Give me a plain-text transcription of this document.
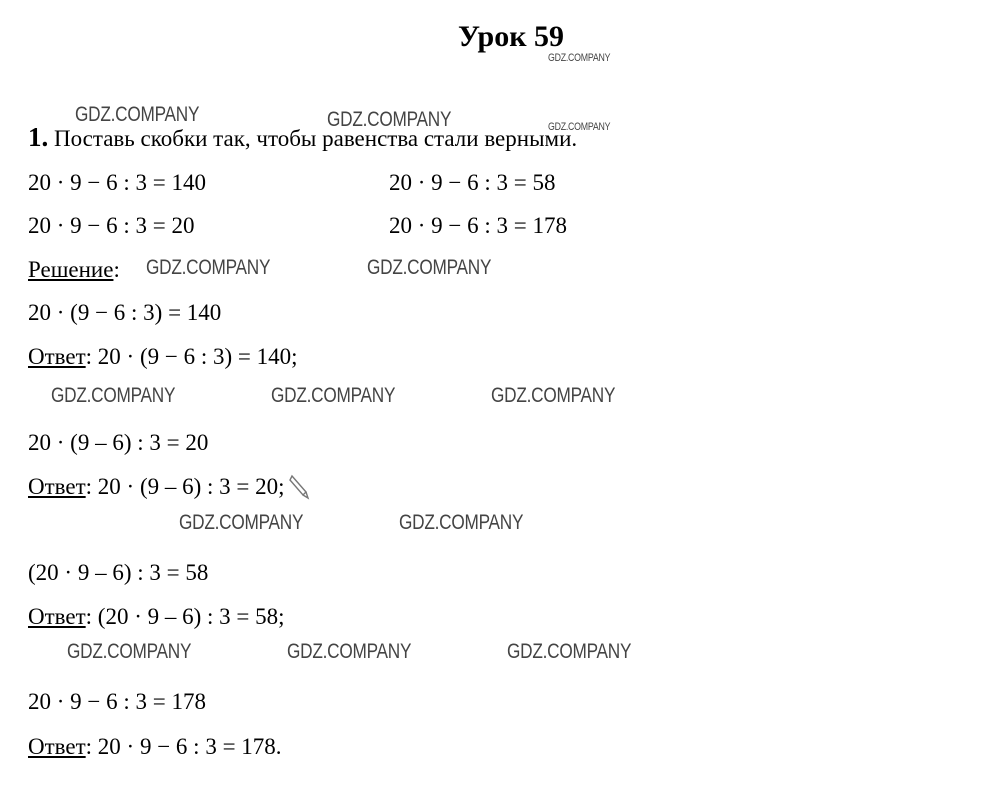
Урок 59
GDZ.COMPANY
1. Поставь скобки так, чтобы равенства стали верными.
GDZ.COMPANY	GDZ.COMPANY	GDZ.COMPANY
20 · 9 − 6 : 3 = 140	20 · 9 − 6 : 3 = 58
20 · 9 − 6 : 3 = 20	20 · 9 − 6 : 3 = 178
Решение: GDZ.COMPANY	GDZ.COMPANY
20 · (9 − 6 : 3) = 140
Ответ: 20 · (9 − 6 : 3) = 140;
GDZ.COMPANY	GDZ.COMPANY	GDZ.COMPANY
20 · (9 – 6) : 3 = 20
Ответ: 20 · (9 – 6) : 3 = 20;
GDZ.COMPANY	GDZ.COMPANY
(20 · 9 – 6) : 3 = 58
Ответ: (20 · 9 – 6) : 3 = 58;
GDZ.COMPANY	GDZ.COMPANY	GDZ.COMPANY
20 · 9 − 6 : 3 = 178
Ответ: 20 · 9 − 6 : 3 = 178.
